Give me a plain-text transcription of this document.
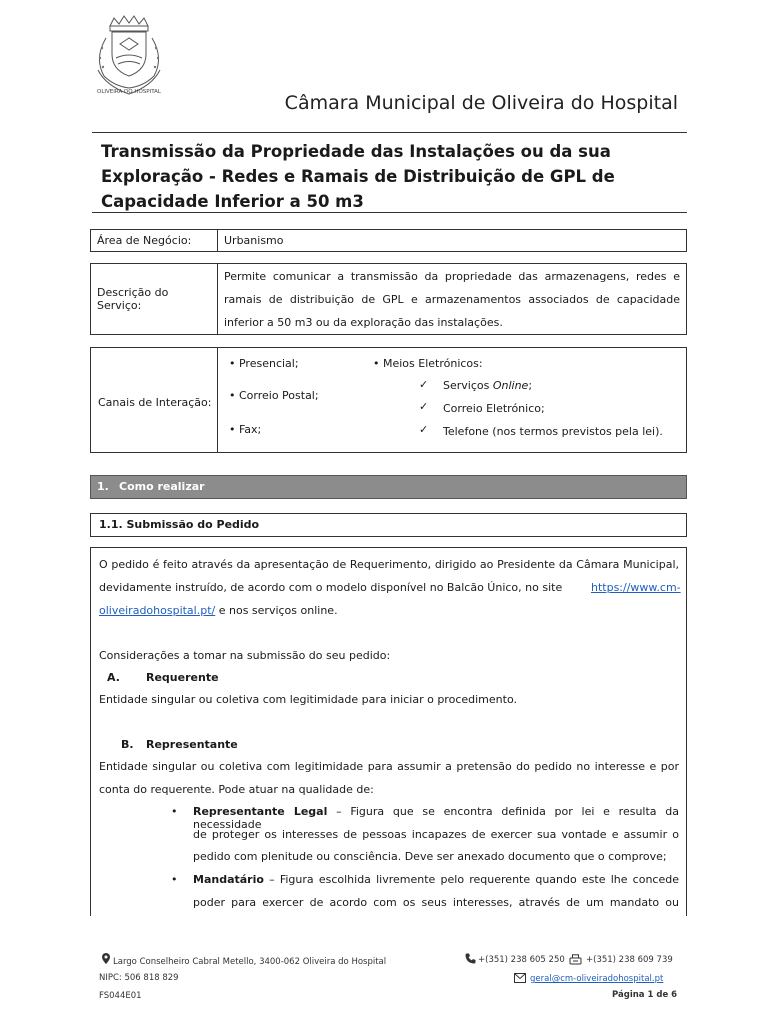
OLIVEIRA DO HOSPITAL	Câmara Municipal de Oliveira do Hospital
Transmissão da Propriedade das Instalações ou da sua
Exploração - Redes e Ramais de Distribuição de GPL de
Capacidade Inferior a 50 m3
Área de Negócio:	Urbanismo
Descrição do Serviço:	Permite comunicar a transmissão da propriedade das armazenagens, redes e ramais de distribuição de GPL e armazenamentos associados de capacidade inferior a 50 m3 ou da exploração das instalações.
Canais de Interação:
• Presencial;
• Correio Postal;
• Fax;
• Meios Eletrónicos:
✓ Serviços Online;
✓ Correio Eletrónico;
✓ Telefone (nos termos previstos pela lei).
1. Como realizar
1.1. Submissão do Pedido
O pedido é feito através da apresentação de Requerimento, dirigido ao Presidente da Câmara Municipal,
devidamente instruído, de acordo com o modelo disponível no Balcão Único, no site	https://www.cm-
oliveiradohospital.pt/ e nos serviços online.
Considerações a tomar na submissão do seu pedido:
A. Requerente
Entidade singular ou coletiva com legitimidade para iniciar o procedimento.
B. Representante
Entidade singular ou coletiva com legitimidade para assumir a pretensão do pedido no interesse e por
conta do requerente. Pode atuar na qualidade de:
• Representante Legal – Figura que se encontra definida por lei e resulta da necessidade
de proteger os interesses de pessoas incapazes de exercer sua vontade e assumir o
pedido com plenitude ou consciência. Deve ser anexado documento que o comprove;
• Mandatário – Figura escolhida livremente pelo requerente quando este lhe concede
poder para exercer de acordo com os seus interesses, através de um mandato ou
Largo Conselheiro Cabral Metello, 3400-062 Oliveira do Hospital
NIPC: 506 818 829
FS044E01
+(351) 238 605 250 +(351) 238 609 739
geral@cm-oliveiradohospital.pt
Página 1 de 6
